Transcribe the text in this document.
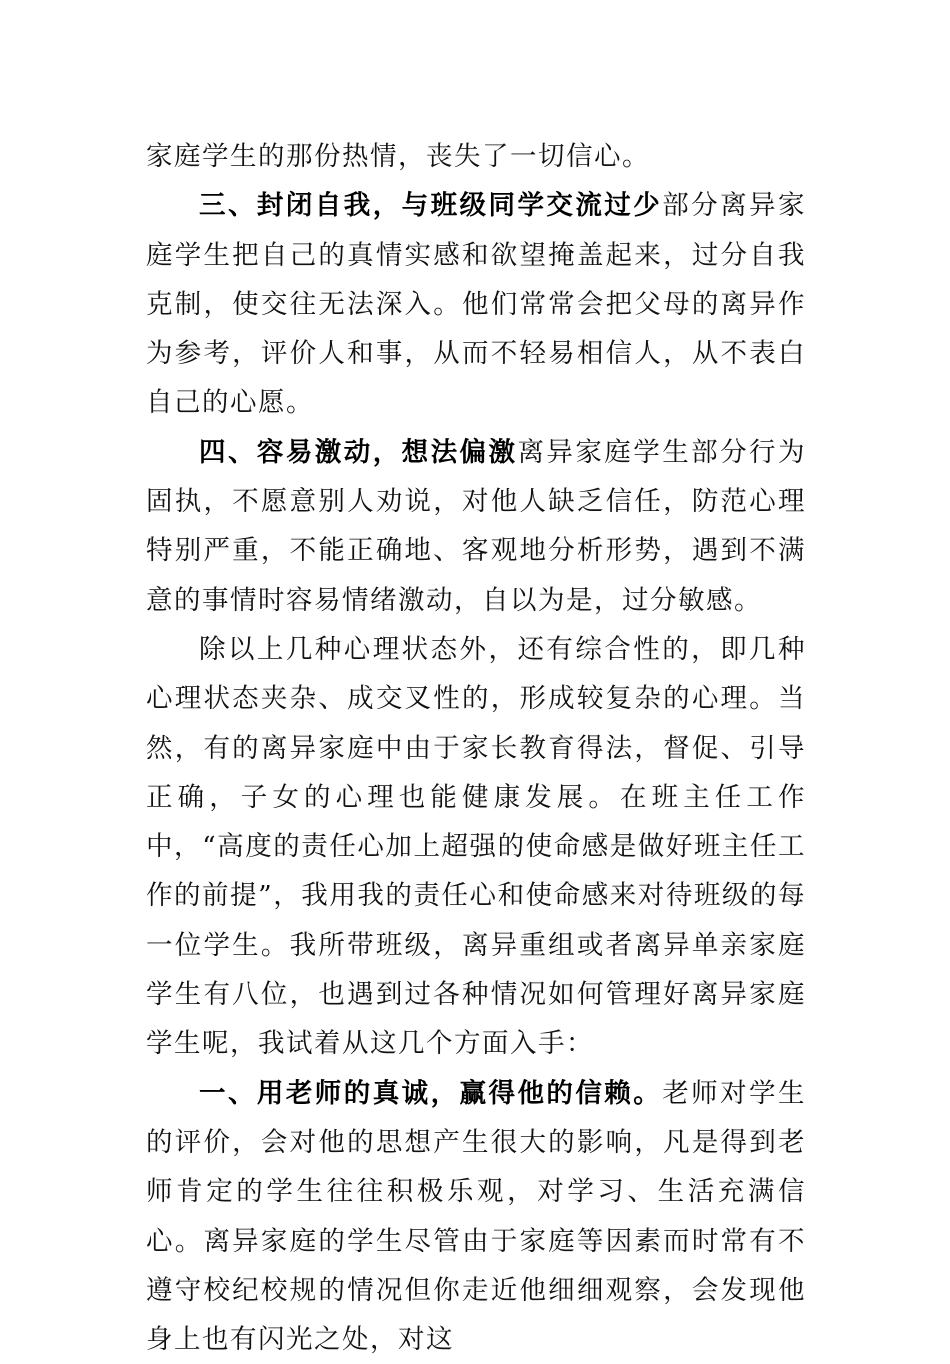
家庭学生的那份热情，丧失了一切信心。

三、封闭自我，与班级同学交流过少部分离异家庭学生把自己的真情实感和欲望掩盖起来，过分自我克制，使交往无法深入。他们常常会把父母的离异作为参考，评价人和事，从而不轻易相信人，从不表白自己的心愿。

四、容易激动，想法偏激离异家庭学生部分行为固执，不愿意别人劝说，对他人缺乏信任，防范心理特别严重，不能正确地、客观地分析形势，遇到不满意的事情时容易情绪激动，自以为是，过分敏感。

除以上几种心理状态外，还有综合性的，即几种心理状态夹杂、成交叉性的，形成较复杂的心理。当然，有的离异家庭中由于家长教育得法，督促、引导正确，子女的心理也能健康发展。在班主任工作中，“高度的责任心加上超强的使命感是做好班主任工作的前提”，我用我的责任心和使命感来对待班级的每一位学生。我所带班级，离异重组或者离异单亲家庭学生有八位，也遇到过各种情况如何管理好离异家庭学生呢，我试着从这几个方面入手：

一、用老师的真诚，赢得他的信赖。老师对学生的评价，会对他的思想产生很大的影响，凡是得到老师肯定的学生往往积极乐观，对学习、生活充满信心。离异家庭的学生尽管由于家庭等因素而时常有不遵守校纪校规的情况但你走近他细细观察，会发现他身上也有闪光之处，对这
